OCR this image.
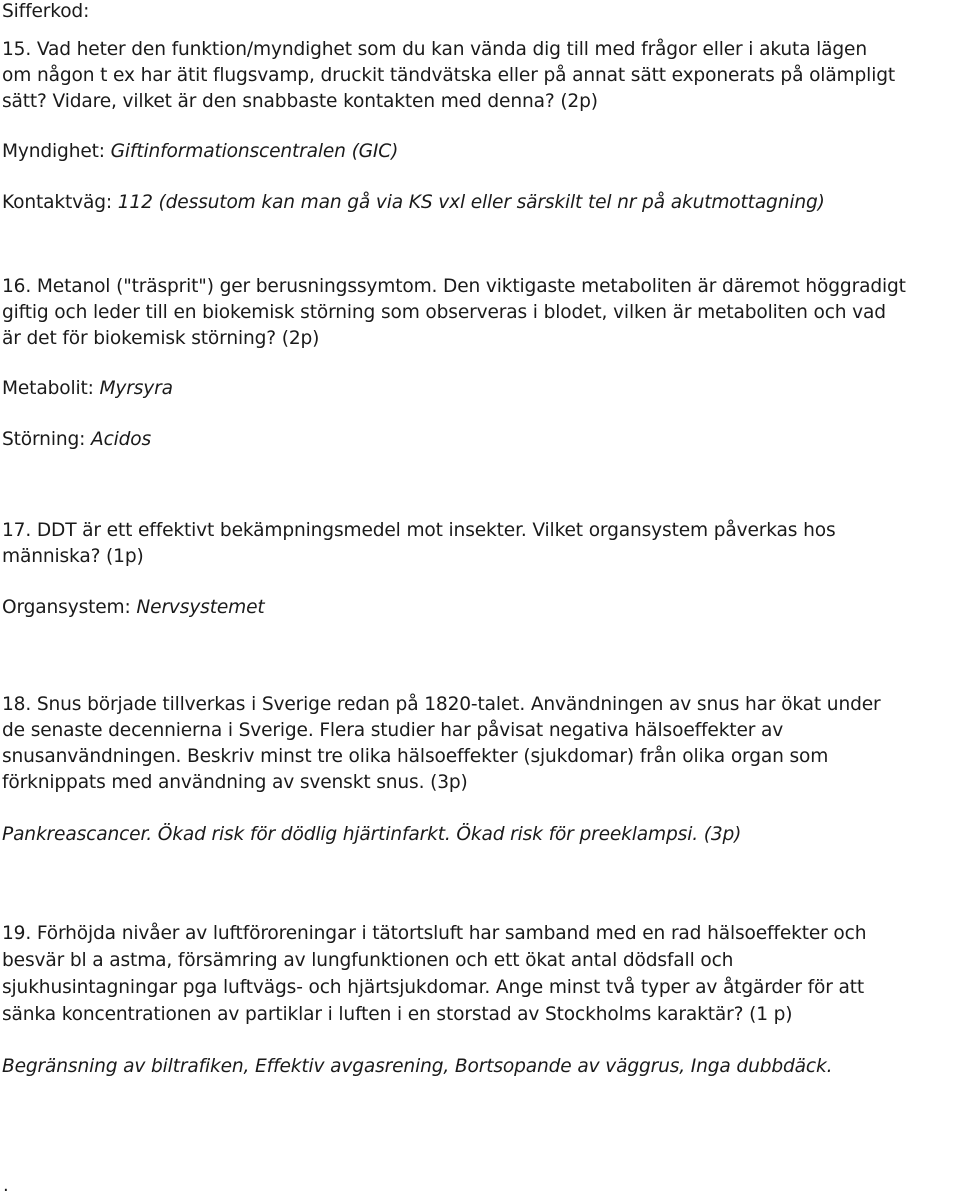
Sifferkod:
15. Vad heter den funktion/myndighet som du kan vända dig till med frågor eller i akuta lägen
om någon t ex har ätit flugsvamp, druckit tändvätska eller på annat sätt exponerats på olämpligt
sätt? Vidare, vilket är den snabbaste kontakten med denna? (2p)
Myndighet: Giftinformationscentralen (GIC)
Kontaktväg: 112 (dessutom kan man gå via KS vxl eller särskilt tel nr på akutmottagning)
16. Metanol ("träsprit") ger berusningssymtom. Den viktigaste metaboliten är däremot höggradigt
giftig och leder till en biokemisk störning som observeras i blodet, vilken är metaboliten och vad
är det för biokemisk störning? (2p)
Metabolit: Myrsyra
Störning: Acidos
17. DDT är ett effektivt bekämpningsmedel mot insekter. Vilket organsystem påverkas hos
människa? (1p)
Organsystem: Nervsystemet
18. Snus började tillverkas i Sverige redan på 1820-talet. Användningen av snus har ökat under
de senaste decennierna i Sverige. Flera studier har påvisat negativa hälsoeffekter av
snusanvändningen. Beskriv minst tre olika hälsoeffekter (sjukdomar) från olika organ som
förknippats med användning av svenskt snus. (3p)
Pankreascancer. Ökad risk för dödlig hjärtinfarkt. Ökad risk för preeklampsi. (3p)
19. Förhöjda nivåer av luftföroreningar i tätortsluft har samband med en rad hälsoeffekter och
besvär bl a astma, försämring av lungfunktionen och ett ökat antal dödsfall och
sjukhusintagningar pga luftvägs- och hjärtsjukdomar. Ange minst två typer av åtgärder för att
sänka koncentrationen av partiklar i luften i en storstad av Stockholms karaktär? (1 p)
Begränsning av biltrafiken, Effektiv avgasrening, Bortsopande av väggrus, Inga dubbdäck.
.
